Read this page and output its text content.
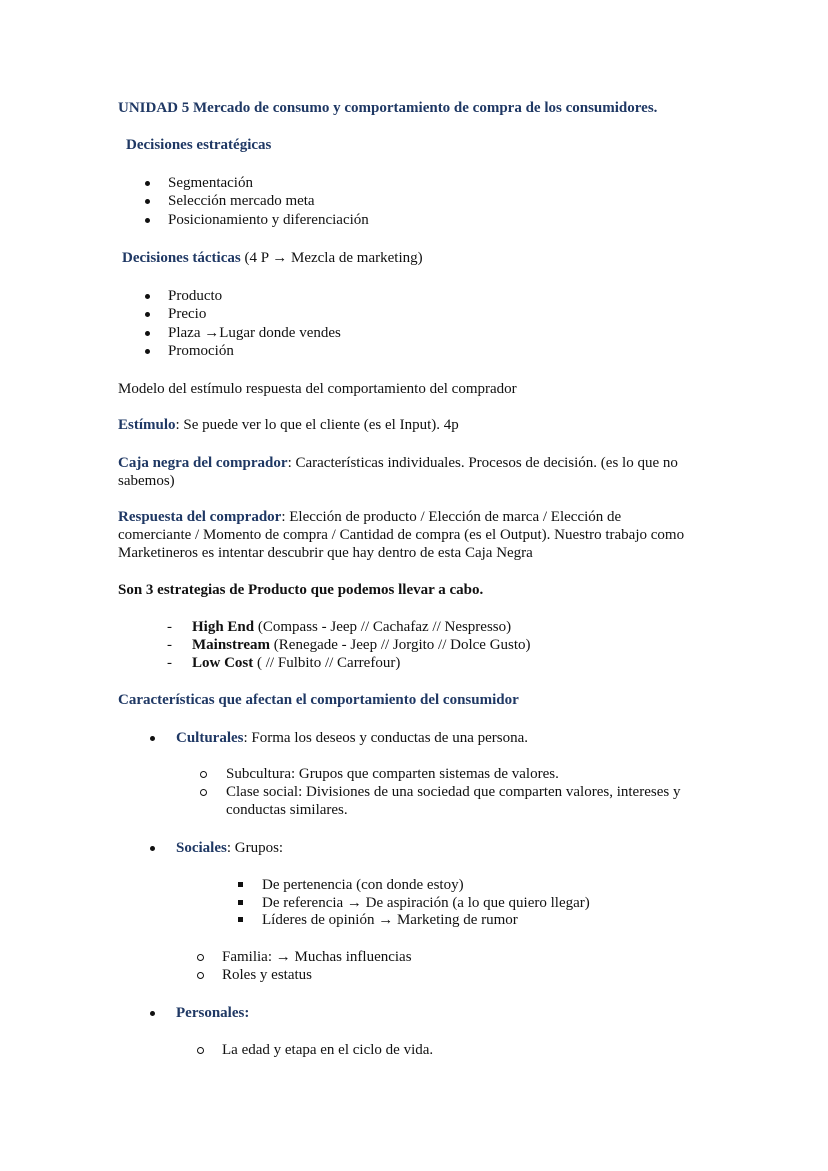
UNIDAD 5 Mercado de consumo y comportamiento de compra de los consumidores.
Decisiones estratégicas
Segmentación
Selección mercado meta
Posicionamiento y diferenciación
Decisiones tácticas (4 P → Mezcla de marketing)
Producto
Precio
Plaza →Lugar donde vendes
Promoción
Modelo del estímulo respuesta del comportamiento del comprador
Estímulo: Se puede ver lo que el cliente (es el Input). 4p
Caja negra del comprador: Características individuales. Procesos de decisión. (es lo que no
sabemos)
Respuesta del comprador: Elección de producto / Elección de marca / Elección de
comerciante / Momento de compra / Cantidad de compra (es el Output). Nuestro trabajo como
Marketineros es intentar descubrir que hay dentro de esta Caja Negra
Son 3 estrategias de Producto que podemos llevar a cabo.
- High End (Compass - Jeep // Cachafaz // Nespresso)
- Mainstream (Renegade - Jeep // Jorgito // Dolce Gusto)
- Low Cost ( // Fulbito // Carrefour)
Características que afectan el comportamiento del consumidor
Culturales: Forma los deseos y conductas de una persona.
Subcultura: Grupos que comparten sistemas de valores.
Clase social: Divisiones de una sociedad que comparten valores, intereses y
conductas similares.
Sociales: Grupos:
De pertenencia (con donde estoy)
De referencia → De aspiración (a lo que quiero llegar)
Líderes de opinión → Marketing de rumor
Familia: → Muchas influencias
Roles y estatus
Personales:
La edad y etapa en el ciclo de vida.
